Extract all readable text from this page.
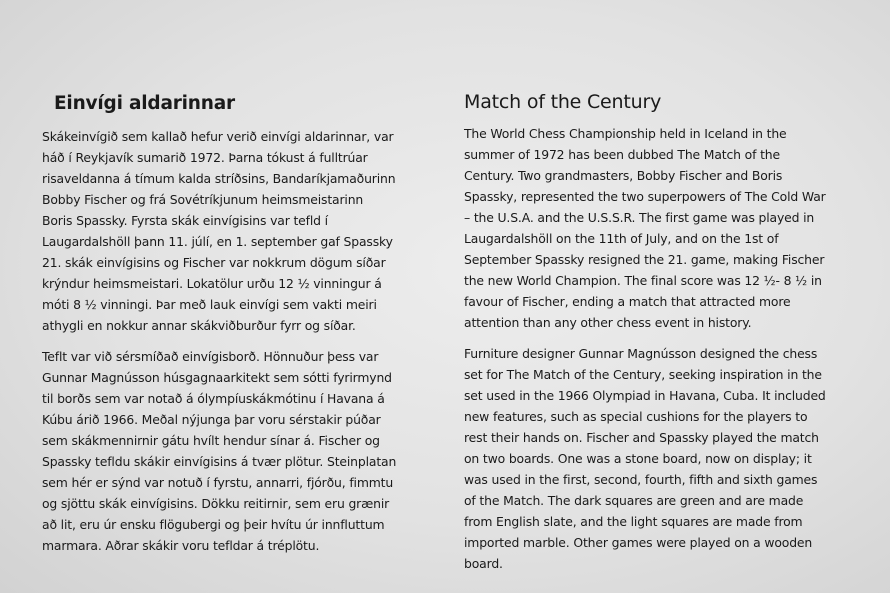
Einvígi aldarinnar

Skákeinvígið sem kallað hefur verið einvígi aldarinnar, var
háð í Reykjavík sumarið 1972. Þarna tókust á fulltrúar
risaveldanna á tímum kalda stríðsins, Bandaríkjamaðurinn
Bobby Fischer og frá Sovétríkjunum heimsmeistarinn
Boris Spassky. Fyrsta skák einvígisins var tefld í
Laugardalshöll þann 11. júlí, en 1. september gaf Spassky
21. skák einvígisins og Fischer var nokkrum dögum síðar
krýndur heimsmeistari. Lokatölur urðu 12 ½ vinningur á
móti 8 ½ vinningi. Þar með lauk einvígi sem vakti meiri
athygli en nokkur annar skákviðburður fyrr og síðar.

Teflt var við sérsmíðað einvígisborð. Hönnuður þess var
Gunnar Magnússon húsgagnaarkitekt sem sótti fyrirmynd
til borðs sem var notað á ólympíuskákmótinu í Havana á
Kúbu árið 1966. Meðal nýjunga þar voru sérstakir púðar
sem skákmennirnir gátu hvílt hendur sínar á. Fischer og
Spassky tefldu skákir einvígisins á tvær plötur. Steinplatan
sem hér er sýnd var notuð í fyrstu, annarri, fjórðu, fimmtu
og sjöttu skák einvígisins. Dökku reitirnir, sem eru grænir
að lit, eru úr ensku flögubergi og þeir hvítu úr innfluttum
marmara. Aðrar skákir voru tefldar á tréplötu.

Match of the Century

The World Chess Championship held in Iceland in the
summer of 1972 has been dubbed The Match of the
Century. Two grandmasters, Bobby Fischer and Boris
Spassky, represented the two superpowers of The Cold War
– the U.S.A. and the U.S.S.R. The first game was played in
Laugardalshöll on the 11th of July, and on the 1st of
September Spassky resigned the 21. game, making Fischer
the new World Champion. The final score was 12 ½- 8 ½ in
favour of Fischer, ending a match that attracted more
attention than any other chess event in history.

Furniture designer Gunnar Magnússon designed the chess
set for The Match of the Century, seeking inspiration in the
set used in the 1966 Olympiad in Havana, Cuba. It included
new features, such as special cushions for the players to
rest their hands on. Fischer and Spassky played the match
on two boards. One was a stone board, now on display; it
was used in the first, second, fourth, fifth and sixth games
of the Match. The dark squares are green and are made
from English slate, and the light squares are made from
imported marble. Other games were played on a wooden
board.
